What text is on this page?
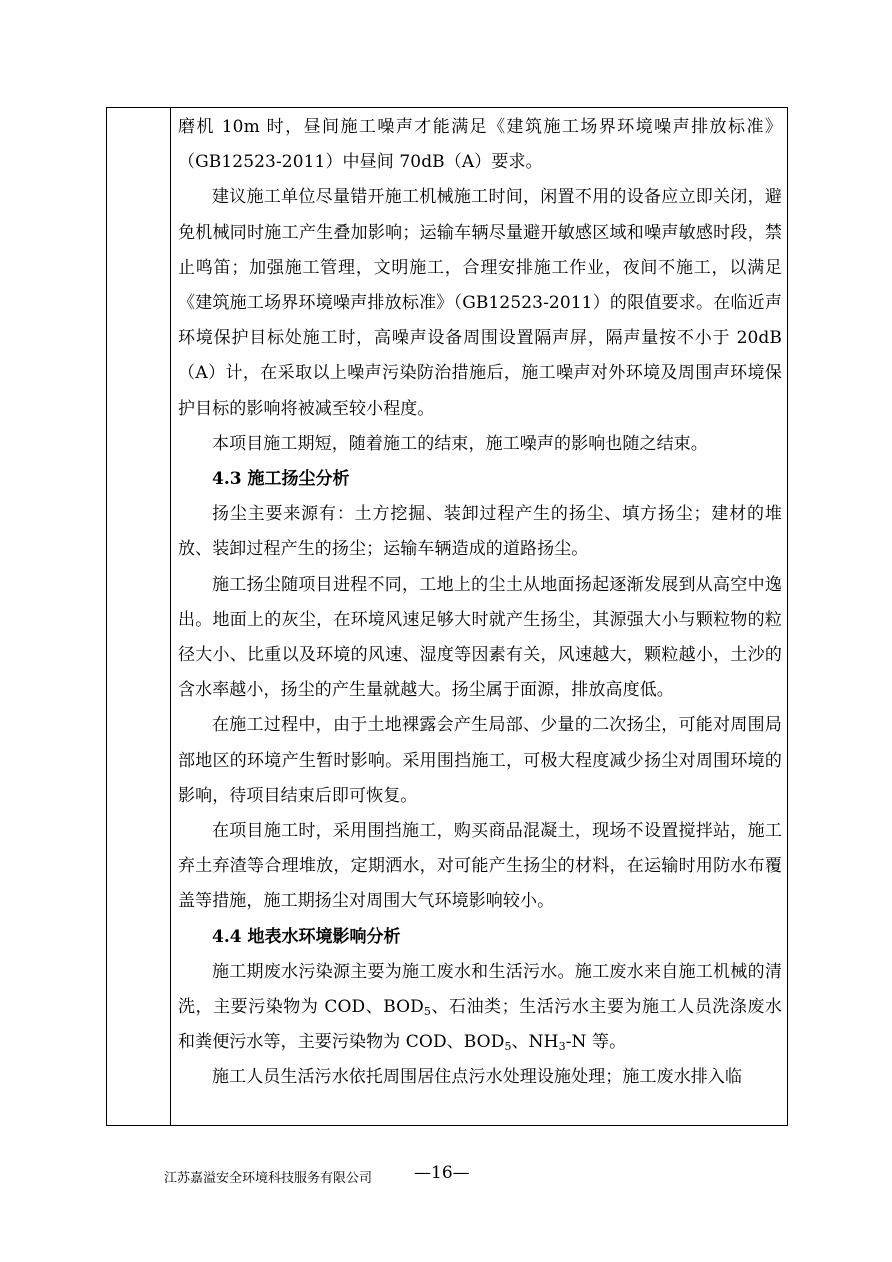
磨机 10m 时，昼间施工噪声才能满足《建筑施工场界环境噪声排放标准》（GB12523-2011）中昼间 70dB（A）要求。

建议施工单位尽量错开施工机械施工时间，闲置不用的设备应立即关闭，避免机械同时施工产生叠加影响；运输车辆尽量避开敏感区域和噪声敏感时段，禁止鸣笛；加强施工管理，文明施工，合理安排施工作业，夜间不施工，以满足《建筑施工场界环境噪声排放标准》（GB12523-2011）的限值要求。在临近声环境保护目标处施工时，高噪声设备周围设置隔声屏，隔声量按不小于 20dB（A）计，在采取以上噪声污染防治措施后，施工噪声对外环境及周围声环境保护目标的影响将被减至较小程度。

本项目施工期短，随着施工的结束，施工噪声的影响也随之结束。

4.3 施工扬尘分析

扬尘主要来源有：土方挖掘、装卸过程产生的扬尘、填方扬尘；建材的堆放、装卸过程产生的扬尘；运输车辆造成的道路扬尘。

施工扬尘随项目进程不同，工地上的尘土从地面扬起逐渐发展到从高空中逸出。地面上的灰尘，在环境风速足够大时就产生扬尘，其源强大小与颗粒物的粒径大小、比重以及环境的风速、湿度等因素有关，风速越大，颗粒越小，土沙的含水率越小，扬尘的产生量就越大。扬尘属于面源，排放高度低。

在施工过程中，由于土地裸露会产生局部、少量的二次扬尘，可能对周围局部地区的环境产生暂时影响。采用围挡施工，可极大程度减少扬尘对周围环境的影响，待项目结束后即可恢复。

在项目施工时，采用围挡施工，购买商品混凝土，现场不设置搅拌站，施工弃土弃渣等合理堆放，定期洒水，对可能产生扬尘的材料，在运输时用防水布覆盖等措施，施工期扬尘对周围大气环境影响较小。

4.4 地表水环境影响分析

施工期废水污染源主要为施工废水和生活污水。施工废水来自施工机械的清洗，主要污染物为 COD、$BOD_5$、石油类；生活污水主要为施工人员洗涤废水和粪便污水等，主要污染物为 COD、$BOD_5$、$NH_3-N$ 等。

施工人员生活污水依托周围居住点污水处理设施处理；施工废水排入临

江苏嘉溢安全环境科技服务有限公司 —16—
